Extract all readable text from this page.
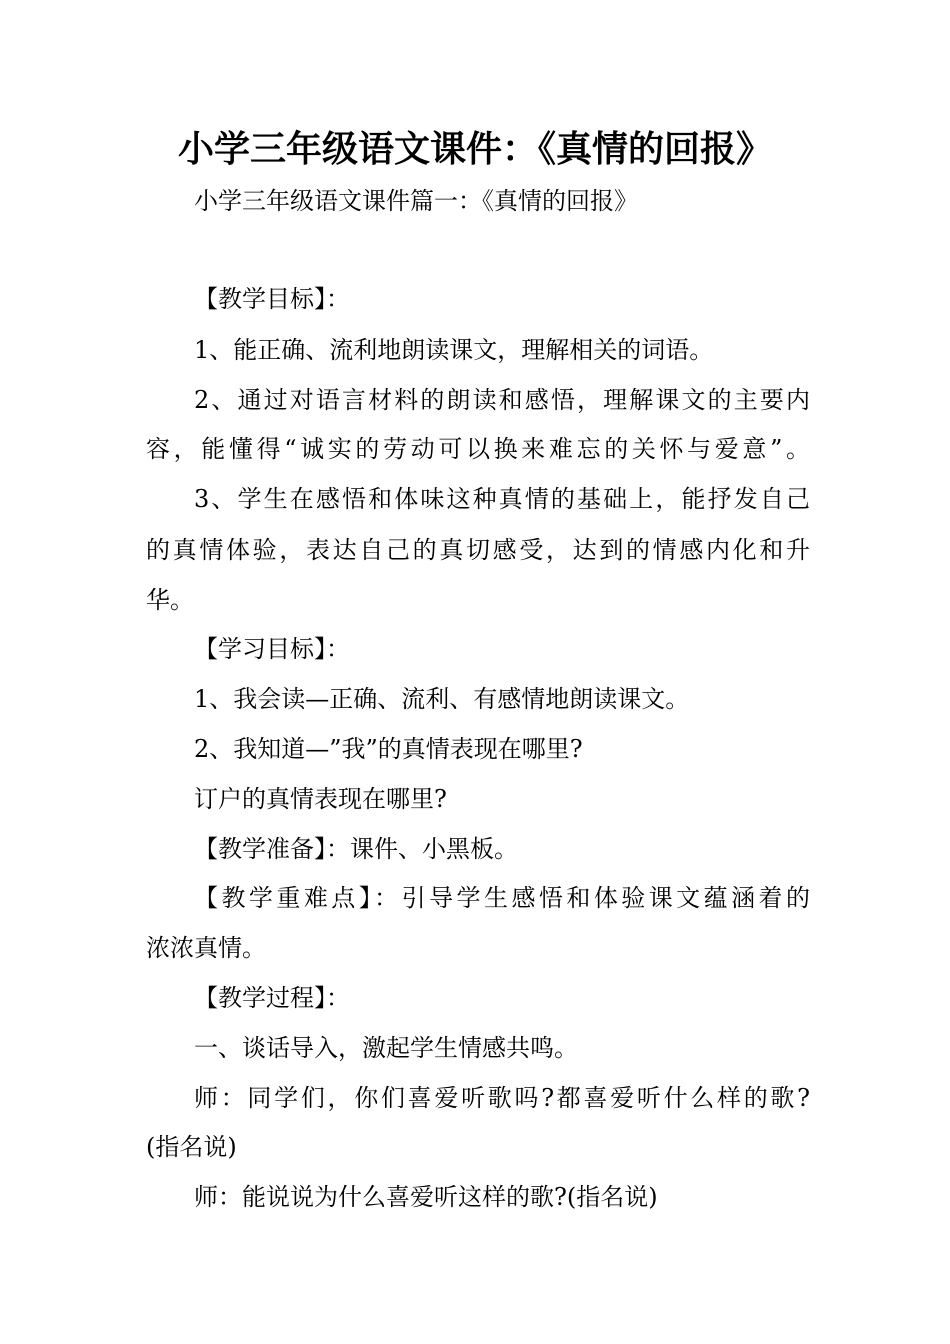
小学三年级语文课件：《真情的回报》
小学三年级语文课件篇一：《真情的回报》
【教学目标】：
1、能正确、流利地朗读课文，理解相关的词语。
2、通过对语言材料的朗读和感悟，理解课文的主要内
容，能懂得“诚实的劳动可以换来难忘的关怀与爱意”。
3、学生在感悟和体味这种真情的基础上，能抒发自己
的真情体验，表达自己的真切感受，达到的情感内化和升
华。
【学习目标】：
1、我会读—正确、流利、有感情地朗读课文。
2、我知道—”我”的真情表现在哪里?
订户的真情表现在哪里?
【教学准备】：课件、小黑板。
【教学重难点】：引导学生感悟和体验课文蕴涵着的
浓浓真情。
【教学过程】：
一、谈话导入，激起学生情感共鸣。
师：同学们，你们喜爱听歌吗?都喜爱听什么样的歌?
(指名说)
师：能说说为什么喜爱听这样的歌?(指名说)
